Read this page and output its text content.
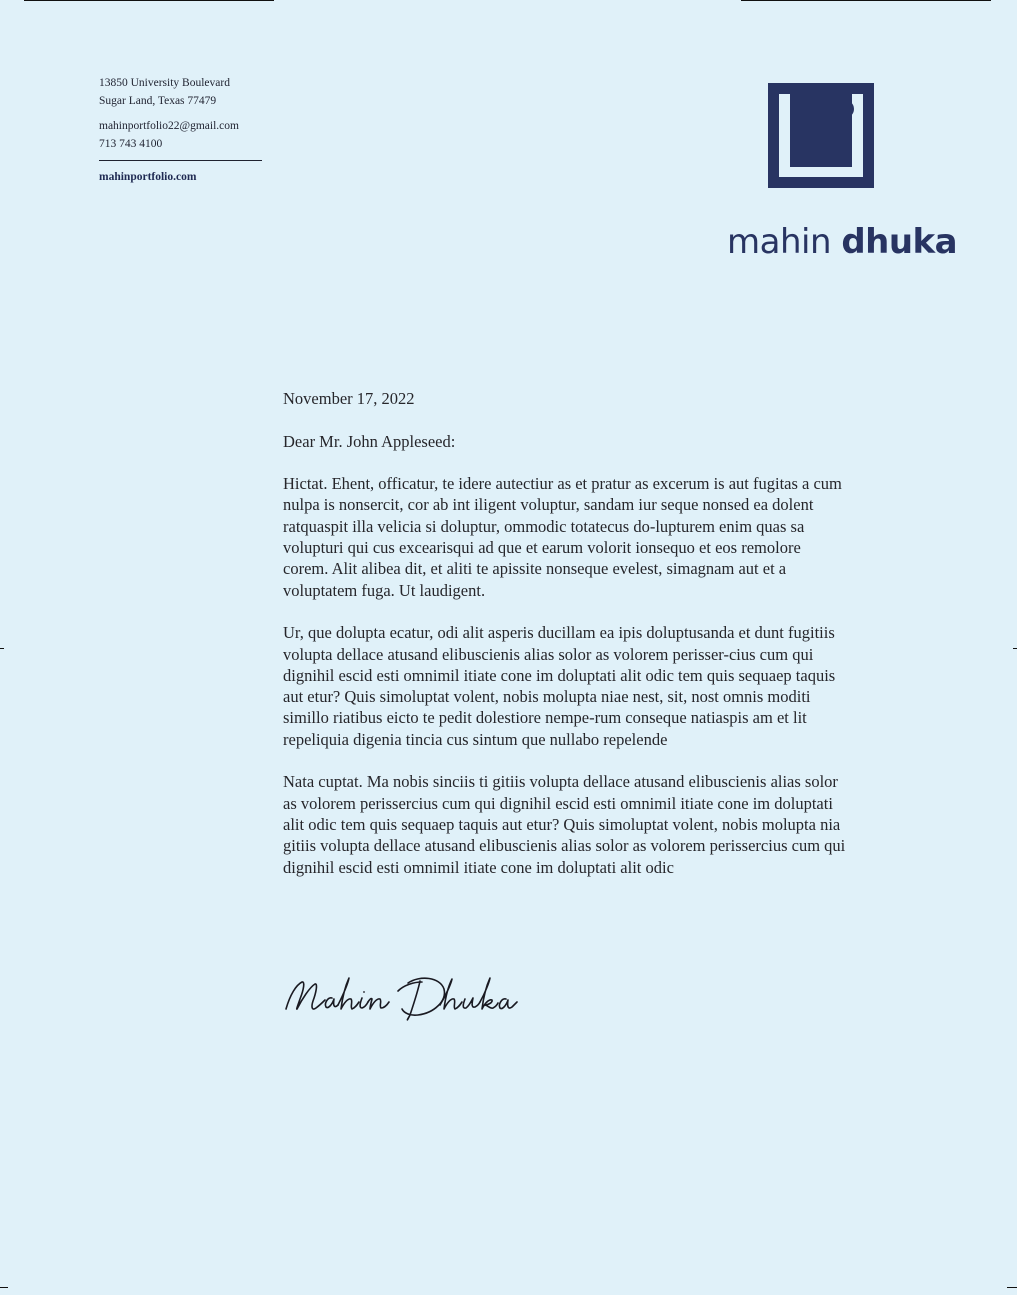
13850 University Boulevard
Sugar Land, Texas 77479
mahinportfolio22@gmail.com
713 743 4100
mahinportfolio.com
mahin dhuka

November 17, 2022

Dear Mr. John Appleseed:

Hictat. Ehent, officatur, te idere autectiur as et pratur as excerum is aut fugitas a cum nulpa is nonsercit, cor ab int iligent voluptur, sandam iur seque nonsed ea dolent ratquaspit illa velicia si doluptur, ommodic totatecus do-lupturem enim quas sa volupturi qui cus excearisqui ad que et earum volorit ionsequo et eos remolore corem. Alit alibea dit, et aliti te apissite nonseque evelest, simagnam aut et a voluptatem fuga. Ut laudigent.

Ur, que dolupta ecatur, odi alit asperis ducillam ea ipis doluptusanda et dunt fugitiis volupta dellace atusand elibuscienis alias solor as volorem perisser-cius cum qui dignihil escid esti omnimil itiate cone im doluptati alit odic tem quis sequaep taquis aut etur? Quis simoluptat volent, nobis molupta niae nest, sit, nost omnis moditi simillo riatibus eicto te pedit dolestiore nempe-rum conseque natiaspis am et lit repeliquia digenia tincia cus sintum que nullabo repelende

Nata cuptat. Ma nobis sinciis ti gitiis volupta dellace atusand elibuscienis alias solor as volorem perissercius cum qui dignihil escid esti omnimil itiate cone im doluptati alit odic tem quis sequaep taquis aut etur? Quis simoluptat volent, nobis molupta nia gitiis volupta dellace atusand elibuscienis alias solor as volorem perissercius cum qui dignihil escid esti omnimil itiate cone im doluptati alit odic
